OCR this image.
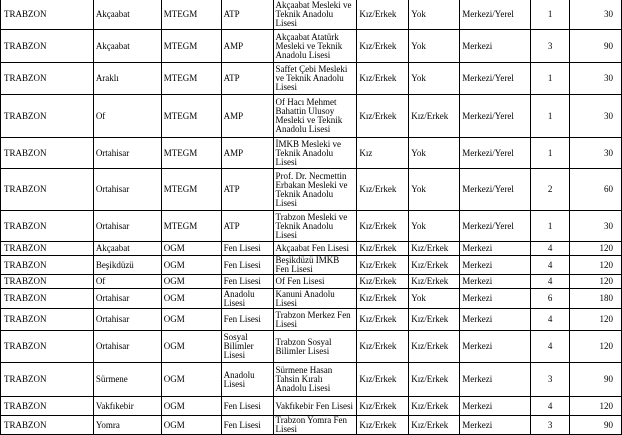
TRABZON	Akçaabat	MTEGM	ATP	Akçaabat Mesleki ve Teknik Anadolu Lisesi	Kız/Erkek	Yok	Merkezi/Yerel	1	30
TRABZON	Akçaabat	MTEGM	AMP	Akçaabat Atatürk Mesleki ve Teknik Anadolu Lisesi	Kız/Erkek	Yok	Merkezi	3	90
TRABZON	Araklı	MTEGM	ATP	Saffet Çebi Mesleki ve Teknik Anadolu Lisesi	Kız/Erkek	Yok	Merkezi/Yerel	1	30
TRABZON	Of	MTEGM	AMP	Of Hacı Mehmet Bahattin Ulusoy Mesleki ve Teknik Anadolu Lisesi	Kız/Erkek	Kız/Erkek	Merkezi/Yerel	1	30
TRABZON	Ortahisar	MTEGM	AMP	İMKB Mesleki ve Teknik Anadolu Lisesi	Kız	Yok	Merkezi/Yerel	1	30
TRABZON	Ortahisar	MTEGM	ATP	Prof. Dr. Necmettin Erbakan Mesleki ve Teknik Anadolu Lisesi	Kız/Erkek	Yok	Merkezi/Yerel	2	60
TRABZON	Ortahisar	MTEGM	ATP	Trabzon Mesleki ve Teknik Anadolu Lisesi	Kız/Erkek	Yok	Merkezi/Yerel	1	30
TRABZON	Akçaabat	OGM	Fen Lisesi	Akçaabat Fen Lisesi	Kız/Erkek	Kız/Erkek	Merkezi	4	120
TRABZON	Beşikdüzü	OGM	Fen Lisesi	Beşikdüzü İMKB Fen Lisesi	Kız/Erkek	Kız/Erkek	Merkezi	4	120
TRABZON	Of	OGM	Fen Lisesi	Of Fen Lisesi	Kız/Erkek	Kız/Erkek	Merkezi	4	120
TRABZON	Ortahisar	OGM	Anadolu Lisesi	Kanuni Anadolu Lisesi	Kız/Erkek	Yok	Merkezi	6	180
TRABZON	Ortahisar	OGM	Fen Lisesi	Trabzon Merkez Fen Lisesi	Kız/Erkek	Kız/Erkek	Merkezi	4	120
TRABZON	Ortahisar	OGM	Sosyal Bilimler Lisesi	Trabzon Sosyal Bilimler Lisesi	Kız/Erkek	Kız/Erkek	Merkezi	4	120
TRABZON	Sürmene	OGM	Anadolu Lisesi	Sürmene Hasan Tahsin Kıralı Anadolu Lisesi	Kız/Erkek	Kız/Erkek	Merkezi	3	90
TRABZON	Vakfıkebir	OGM	Fen Lisesi	Vakfıkebir Fen Lisesi	Kız/Erkek	Kız/Erkek	Merkezi	4	120
TRABZON	Yomra	OGM	Fen Lisesi	Trabzon Yomra Fen Lisesi	Kız/Erkek	Kız/Erkek	Merkezi	3	90
